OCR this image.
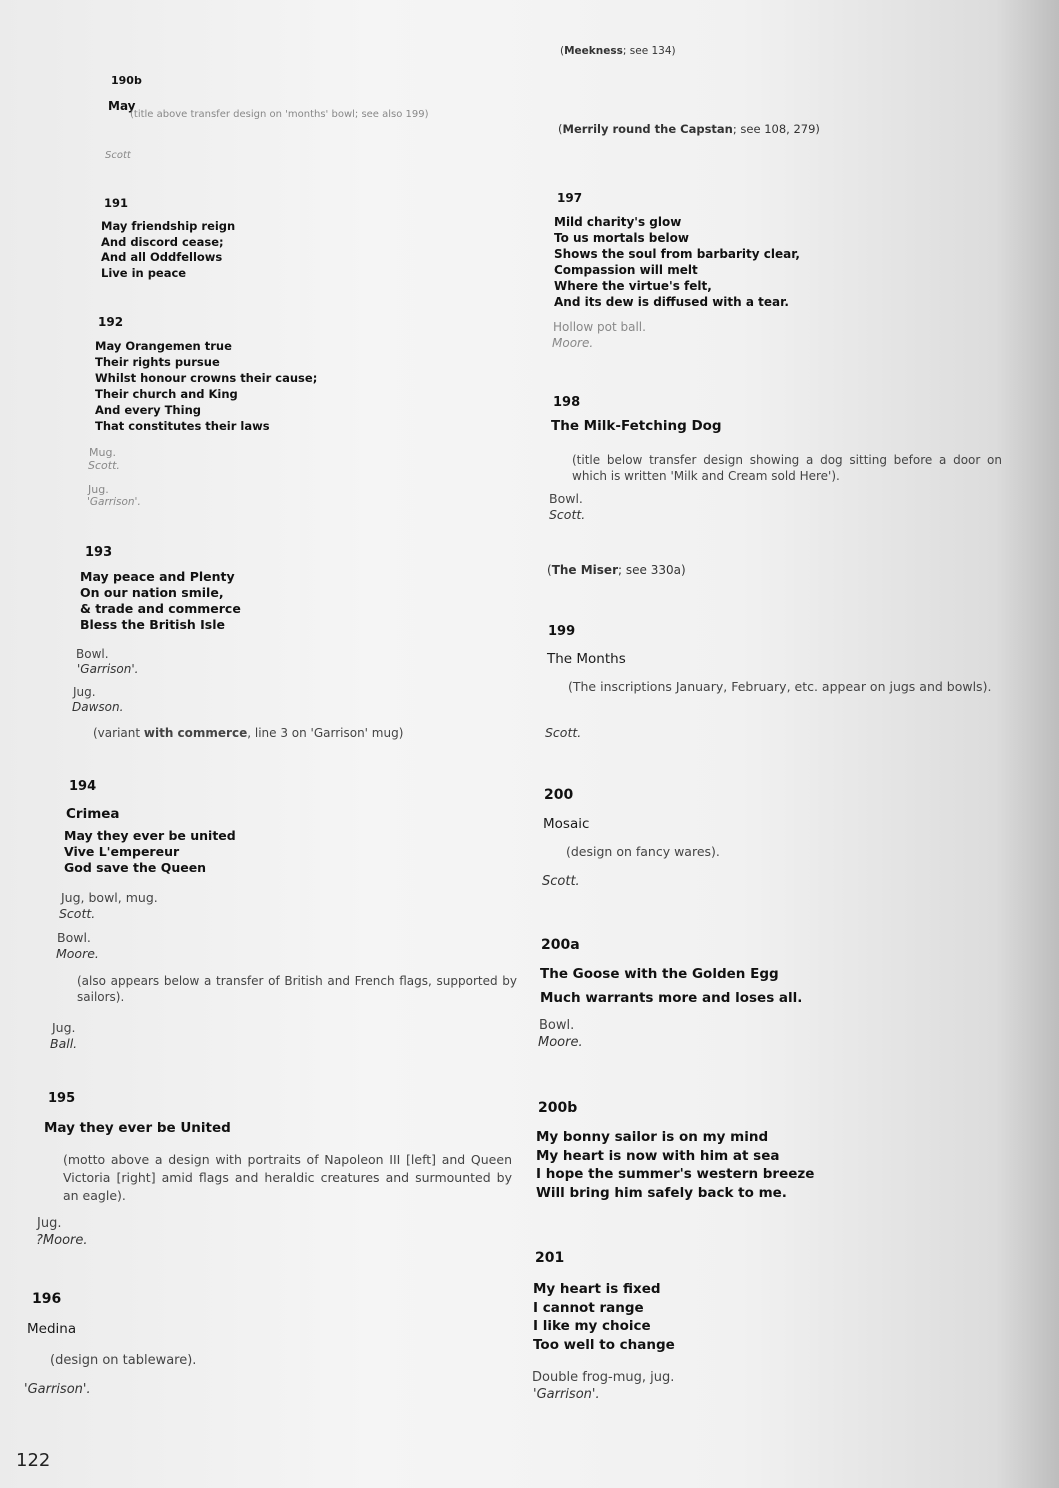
190b
May
(title above transfer design on 'months' bowl; see also 199)
Scott
191
May friendship reign
And discord cease;
And all Oddfellows
Live in peace
192
May Orangemen true
Their rights pursue
Whilst honour crowns their cause;
Their church and King
And every Thing
That constitutes their laws
Mug.
Scott.
Jug.
'Garrison'.
193
May peace and Plenty
On our nation smile,
& trade and commerce
Bless the British Isle
Bowl.
'Garrison'.
Jug.
Dawson.
(variant with commerce, line 3 on 'Garrison' mug)
194
Crimea
May they ever be united
Vive L'empereur
God save the Queen
Jug, bowl, mug.
Scott.
Bowl.
Moore.
(also appears below a transfer of British and French flags, supported by sailors).
Jug.
Ball.
195
May they ever be United
(motto above a design with portraits of Napoleon III [left] and Queen Victoria [right] amid flags and heraldic creatures and surmounted by an eagle).
Jug.
?Moore.
196
Medina
(design on tableware).
'Garrison'.
122
(Meekness; see 134)
(Merrily round the Capstan; see 108, 279)
197
Mild charity's glow
To us mortals below
Shows the soul from barbarity clear,
Compassion will melt
Where the virtue's felt,
And its dew is diffused with a tear.
Hollow pot ball.
Moore.
198
The Milk-Fetching Dog
(title below transfer design showing a dog sitting before a door on which is written 'Milk and Cream sold Here').
Bowl.
Scott.
(The Miser; see 330a)
199
The Months
(The inscriptions January, February, etc. appear on jugs and bowls).
Scott.
200
Mosaic
(design on fancy wares).
Scott.
200a
The Goose with the Golden Egg
Much warrants more and loses all.
Bowl.
Moore.
200b
My bonny sailor is on my mind
My heart is now with him at sea
I hope the summer's western breeze
Will bring him safely back to me.
201
My heart is fixed
I cannot range
I like my choice
Too well to change
Double frog-mug, jug.
'Garrison'.
